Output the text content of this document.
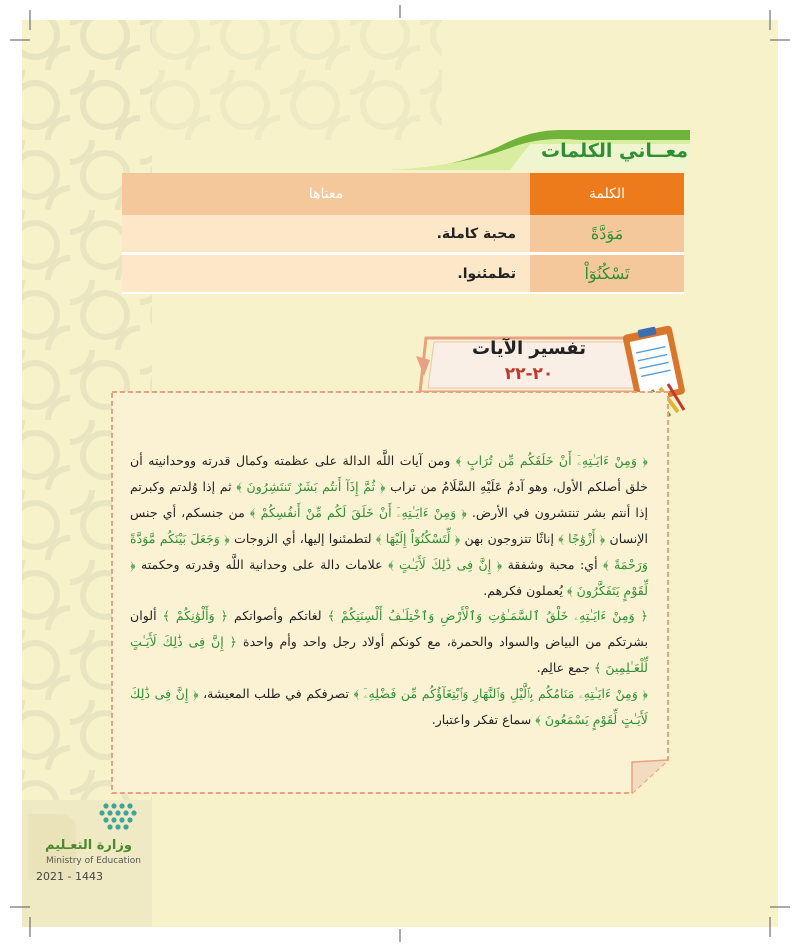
معــاني الكلمات
الكلمة	معناها
مَوَدَّةً	محبة كاملة.
تَسْكُنُوٓاْ	تطمئنوا.
تفسير الآيات
٢٠-٢٢

﴿ وَمِنْ ءَايَـٰتِهِۦٓ أَنْ خَلَقَكُم مِّن تُرَابٍ ﴾ ومن آيات اللَّه الدالة على عظمته وكمال قدرته ووحدانيته أن خلق أصلكم الأول، وهو آدمُ عَلَيْهِ السَّلَامُ من تراب ﴿ ثُمَّ إِذَآ أَنتُم بَشَرٌ تَنتَشِرُونَ ﴾ ثم إذا وُلدتم وكبرتم إذا أنتم بشر تنتشرون في الأرض. ﴿ وَمِنْ ءَايَـٰتِهِۦٓ أَنْ خَلَقَ لَكُم مِّنْ أَنفُسِكُمْ ﴾ من جنسكم، أي جنس الإنسان ﴿ أَزْوَٰجًا ﴾ إناثًا تتزوجون بهن ﴿ لِّتَسْكُنُوٓاْ إِلَيْهَا ﴾ لتطمئنوا إليها، أي الزوجات ﴿ وَجَعَلَ بَيْنَكُم مَّوَدَّةً وَرَحْمَةً ﴾ أي: محبة وشفقة ﴿ إِنَّ فِى ذَٰلِكَ لَأَيَـٰتٍ ﴾ علامات دالة على وحدانية اللَّه وقدرته وحكمته ﴿ لِّقَوْمٍ يَتَفَكَّرُونَ ﴾ يُعملون فكرهم.

﴿ وَمِنْ ءَايَـٰتِهِۦ خَلْقُ ٱلسَّمَـٰوَٰتِ وَٱلْأَرْضِ وَٱخْتِلَـٰفُ أَلْسِنَتِكُمْ ﴾ لغاتكم وأصواتكم ﴿ وَأَلْوَٰنِكُمْ ﴾ ألوان بشرتكم من البياض والسواد والحمرة، مع كونكم أولاد رجل واحد وأم واحدة ﴿ إِنَّ فِى ذَٰلِكَ لَأَيَـٰتٍ لِّلْعَـٰلِمِينَ ﴾ جمع عالِم.

﴿ وَمِنْ ءَايَـٰتِهِۦ مَنَامُكُم بِٱلَّيْلِ وَٱلنَّهَارِ وَٱبْتِغَآؤُكُم مِّن فَضْلِهِۦٓ ﴾ تصرفكم في طلب المعيشة، ﴿ إِنَّ فِى ذَٰلِكَ لَأَيَـٰتٍ لِّقَوْمٍ يَسْمَعُونَ ﴾ سماع تفكر واعتبار.

وزارة التعـليم
Ministry of Education
2021 - 1443
